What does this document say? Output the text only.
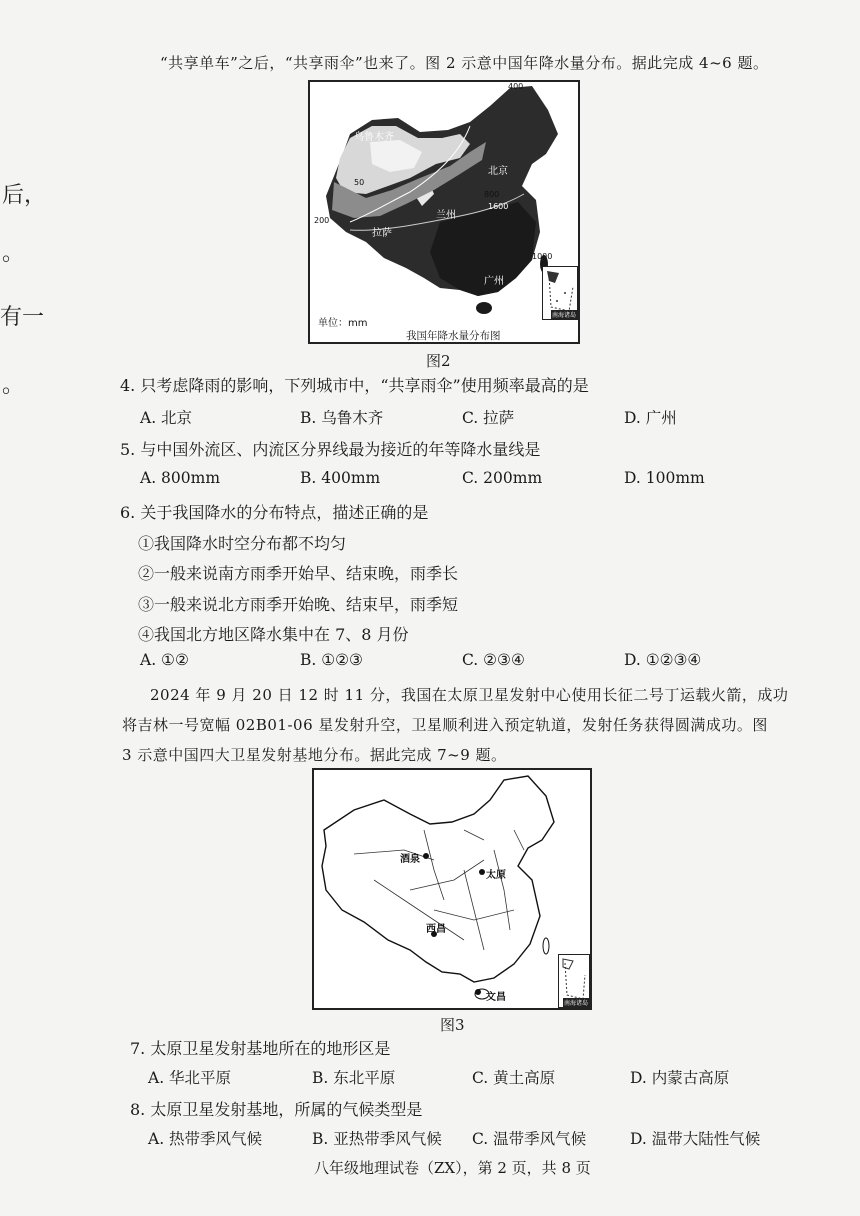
后，
。
有一
。
“共享单车”之后，“共享雨伞”也来了。图 2 示意中国年降水量分布。据此完成 4~6 题。
400
800
50
200
1600
1000
乌鲁木齐
北京
兰州
拉萨
广州
南海诸岛
单位：mm
我国年降水量分布图
图2
4. 只考虑降雨的影响，下列城市中，“共享雨伞”使用频率最高的是
A. 北京	B. 乌鲁木齐	C. 拉萨	D. 广州
5. 与中国外流区、内流区分界线最为接近的年等降水量线是
A. 800mm	B. 400mm	C. 200mm	D. 100mm
6. 关于我国降水的分布特点，描述正确的是
①我国降水时空分布都不均匀
②一般来说南方雨季开始早、结束晚，雨季长
③一般来说北方雨季开始晚、结束早，雨季短
④我国北方地区降水集中在 7、8 月份
A. ①②	B. ①②③	C. ②③④	D. ①②③④
2024 年 9 月 20 日 12 时 11 分，我国在太原卫星发射中心使用长征二号丁运载火箭，成功
将吉林一号宽幅 02B01-06 星发射升空，卫星顺利进入预定轨道，发射任务获得圆满成功。图
3 示意中国四大卫星发射基地分布。据此完成 7~9 题。
酒泉
太原
西昌
文昌
南海诸岛
图3
7. 太原卫星发射基地所在的地形区是
A. 华北平原	B. 东北平原	C. 黄土高原	D. 内蒙古高原
8. 太原卫星发射基地，所属的气候类型是
A. 热带季风气候	B. 亚热带季风气候 C. 温带季风气候	D. 温带大陆性气候
八年级地理试卷（ZX），第 2 页，共 8 页
